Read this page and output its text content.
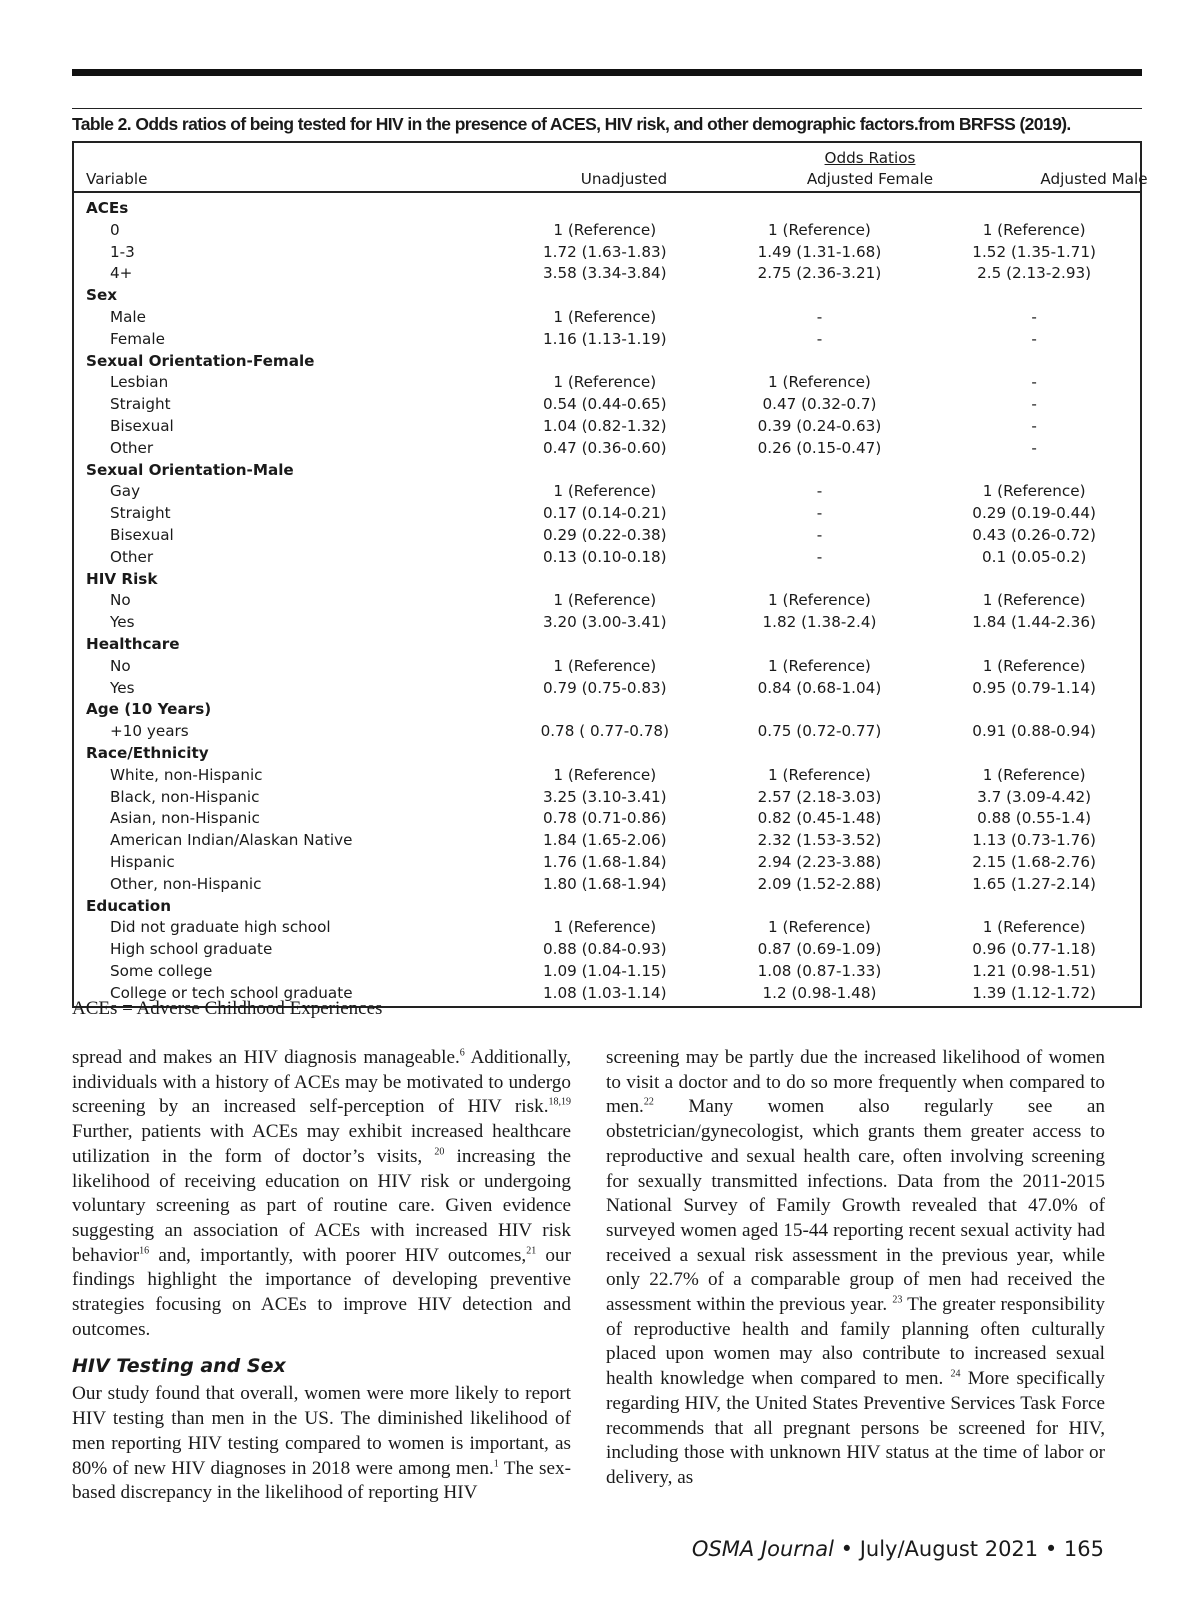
Table 2. Odds ratios of being tested for HIV in the presence of ACES, HIV risk, and other demographic factors.from BRFSS (2019).
Odds Ratios
Variable	Unadjusted	Adjusted Female	Adjusted Male
ACEs
0	1 (Reference)	1 (Reference)	1 (Reference)
1-3	1.72 (1.63-1.83)	1.49 (1.31-1.68)	1.52 (1.35-1.71)
4+	3.58 (3.34-3.84)	2.75 (2.36-3.21)	2.5 (2.13-2.93)
Sex
Male	1 (Reference)	-	-
Female	1.16 (1.13-1.19)	-	-
Sexual Orientation-Female
Lesbian	1 (Reference)	1 (Reference)	-
Straight	0.54 (0.44-0.65)	0.47 (0.32-0.7)	-
Bisexual	1.04 (0.82-1.32)	0.39 (0.24-0.63)	-
Other	0.47 (0.36-0.60)	0.26 (0.15-0.47)	-
Sexual Orientation-Male
Gay	1 (Reference)	-	1 (Reference)
Straight	0.17 (0.14-0.21)	-	0.29 (0.19-0.44)
Bisexual	0.29 (0.22-0.38)	-	0.43 (0.26-0.72)
Other	0.13 (0.10-0.18)	-	0.1 (0.05-0.2)
HIV Risk
No	1 (Reference)	1 (Reference)	1 (Reference)
Yes	3.20 (3.00-3.41)	1.82 (1.38-2.4)	1.84 (1.44-2.36)
Healthcare
No	1 (Reference)	1 (Reference)	1 (Reference)
Yes	0.79 (0.75-0.83)	0.84 (0.68-1.04)	0.95 (0.79-1.14)
Age (10 Years)
+10 years	0.78 ( 0.77-0.78)	0.75 (0.72-0.77)	0.91 (0.88-0.94)
Race/Ethnicity
White, non-Hispanic	1 (Reference)	1 (Reference)	1 (Reference)
Black, non-Hispanic	3.25 (3.10-3.41)	2.57 (2.18-3.03)	3.7 (3.09-4.42)
Asian, non-Hispanic	0.78 (0.71-0.86)	0.82 (0.45-1.48)	0.88 (0.55-1.4)
American Indian/Alaskan Native	1.84 (1.65-2.06)	2.32 (1.53-3.52)	1.13 (0.73-1.76)
Hispanic	1.76 (1.68-1.84)	2.94 (2.23-3.88)	2.15 (1.68-2.76)
Other, non-Hispanic	1.80 (1.68-1.94)	2.09 (1.52-2.88)	1.65 (1.27-2.14)
Education
Did not graduate high school	1 (Reference)	1 (Reference)	1 (Reference)
High school graduate	0.88 (0.84-0.93)	0.87 (0.69-1.09)	0.96 (0.77-1.18)
Some college	1.09 (1.04-1.15)	1.08 (0.87-1.33)	1.21 (0.98-1.51)
College or tech school graduate	1.08 (1.03-1.14)	1.2 (0.98-1.48)	1.39 (1.12-1.72)
ACEs = Adverse Childhood Experiences

spread and makes an HIV diagnosis manageable.$^6$ Additionally, individuals with a history of ACEs may be motivated to undergo screening by an increased self-perception of HIV risk.$^{18,19}$ Further, patients with ACEs may exhibit increased healthcare utilization in the form of doctor’s visits, $^{20}$ increasing the likelihood of receiving education on HIV risk or undergoing voluntary screening as part of routine care. Given evidence suggesting an association of ACEs with increased HIV risk behavior$^{16}$ and, importantly, with poorer HIV outcomes,$^{21}$ our findings highlight the importance of developing preventive strategies focusing on ACEs to improve HIV detection and outcomes.

HIV Testing and Sex

Our study found that overall, women were more likely to report HIV testing than men in the US. The diminished likelihood of men reporting HIV testing compared to women is important, as 80% of new HIV diagnoses in 2018 were among men.$^1$ The sex-based discrepancy in the likelihood of reporting HIV

screening may be partly due the increased likelihood of women to visit a doctor and to do so more frequently when compared to men.$^{22}$ Many women also regularly see an obstetrician/gynecologist, which grants them greater access to reproductive and sexual health care, often involving screening for sexually transmitted infections. Data from the 2011-2015 National Survey of Family Growth revealed that 47.0% of surveyed women aged 15-44 reporting recent sexual activity had received a sexual risk assessment in the previous year, while only 22.7% of a comparable group of men had received the assessment within the previous year. $^{23}$ The greater responsibility of reproductive health and family planning often culturally placed upon women may also contribute to increased sexual health knowledge when compared to men. $^{24}$ More specifically regarding HIV, the United States Preventive Services Task Force recommends that all pregnant persons be screened for HIV, including those with unknown HIV status at the time of labor or delivery, as

OSMA Journal • July/August 2021 • 165
